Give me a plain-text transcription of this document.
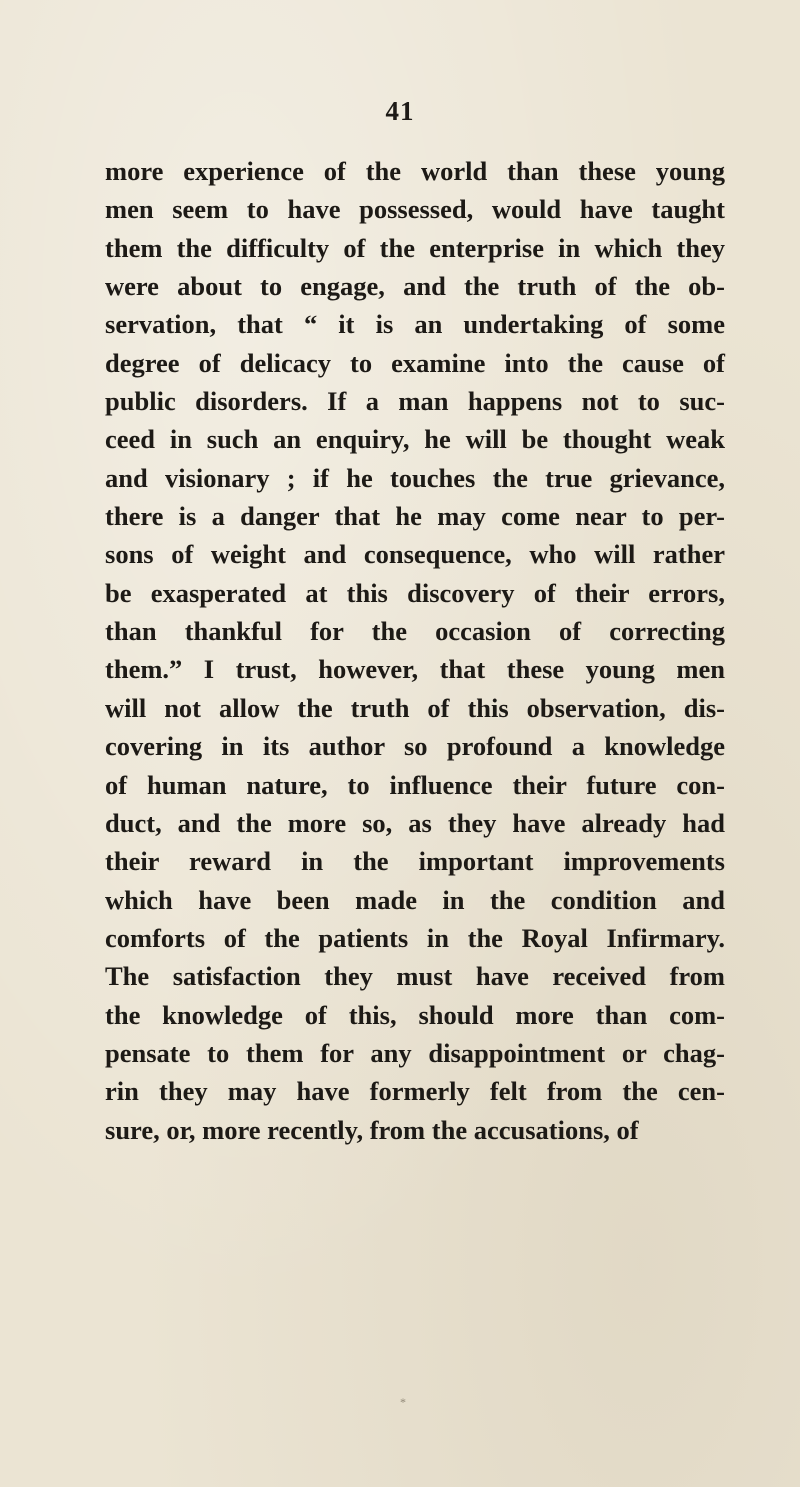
41
more experience of the world than these young
men seem to have possessed, would have taught
them the difficulty of the enterprise in which they
were about to engage, and the truth of the ob-
servation, that “ it is an undertaking of some
degree of delicacy to examine into the cause of
public disorders. If a man happens not to suc-
ceed in such an enquiry, he will be thought weak
and visionary ; if he touches the true grievance,
there is a danger that he may come near to per-
sons of weight and consequence, who will rather
be exasperated at this discovery of their errors,
than thankful for the occasion of correcting
them.” I trust, however, that these young men
will not allow the truth of this observation, dis-
covering in its author so profound a knowledge
of human nature, to influence their future con-
duct, and the more so, as they have already had
their reward in the important improvements
which have been made in the condition and
comforts of the patients in the Royal Infirmary.
The satisfaction they must have received from
the knowledge of this, should more than com-
pensate to them for any disappointment or chag-
rin they may have formerly felt from the cen-
sure, or, more recently, from the accusations, of
*
